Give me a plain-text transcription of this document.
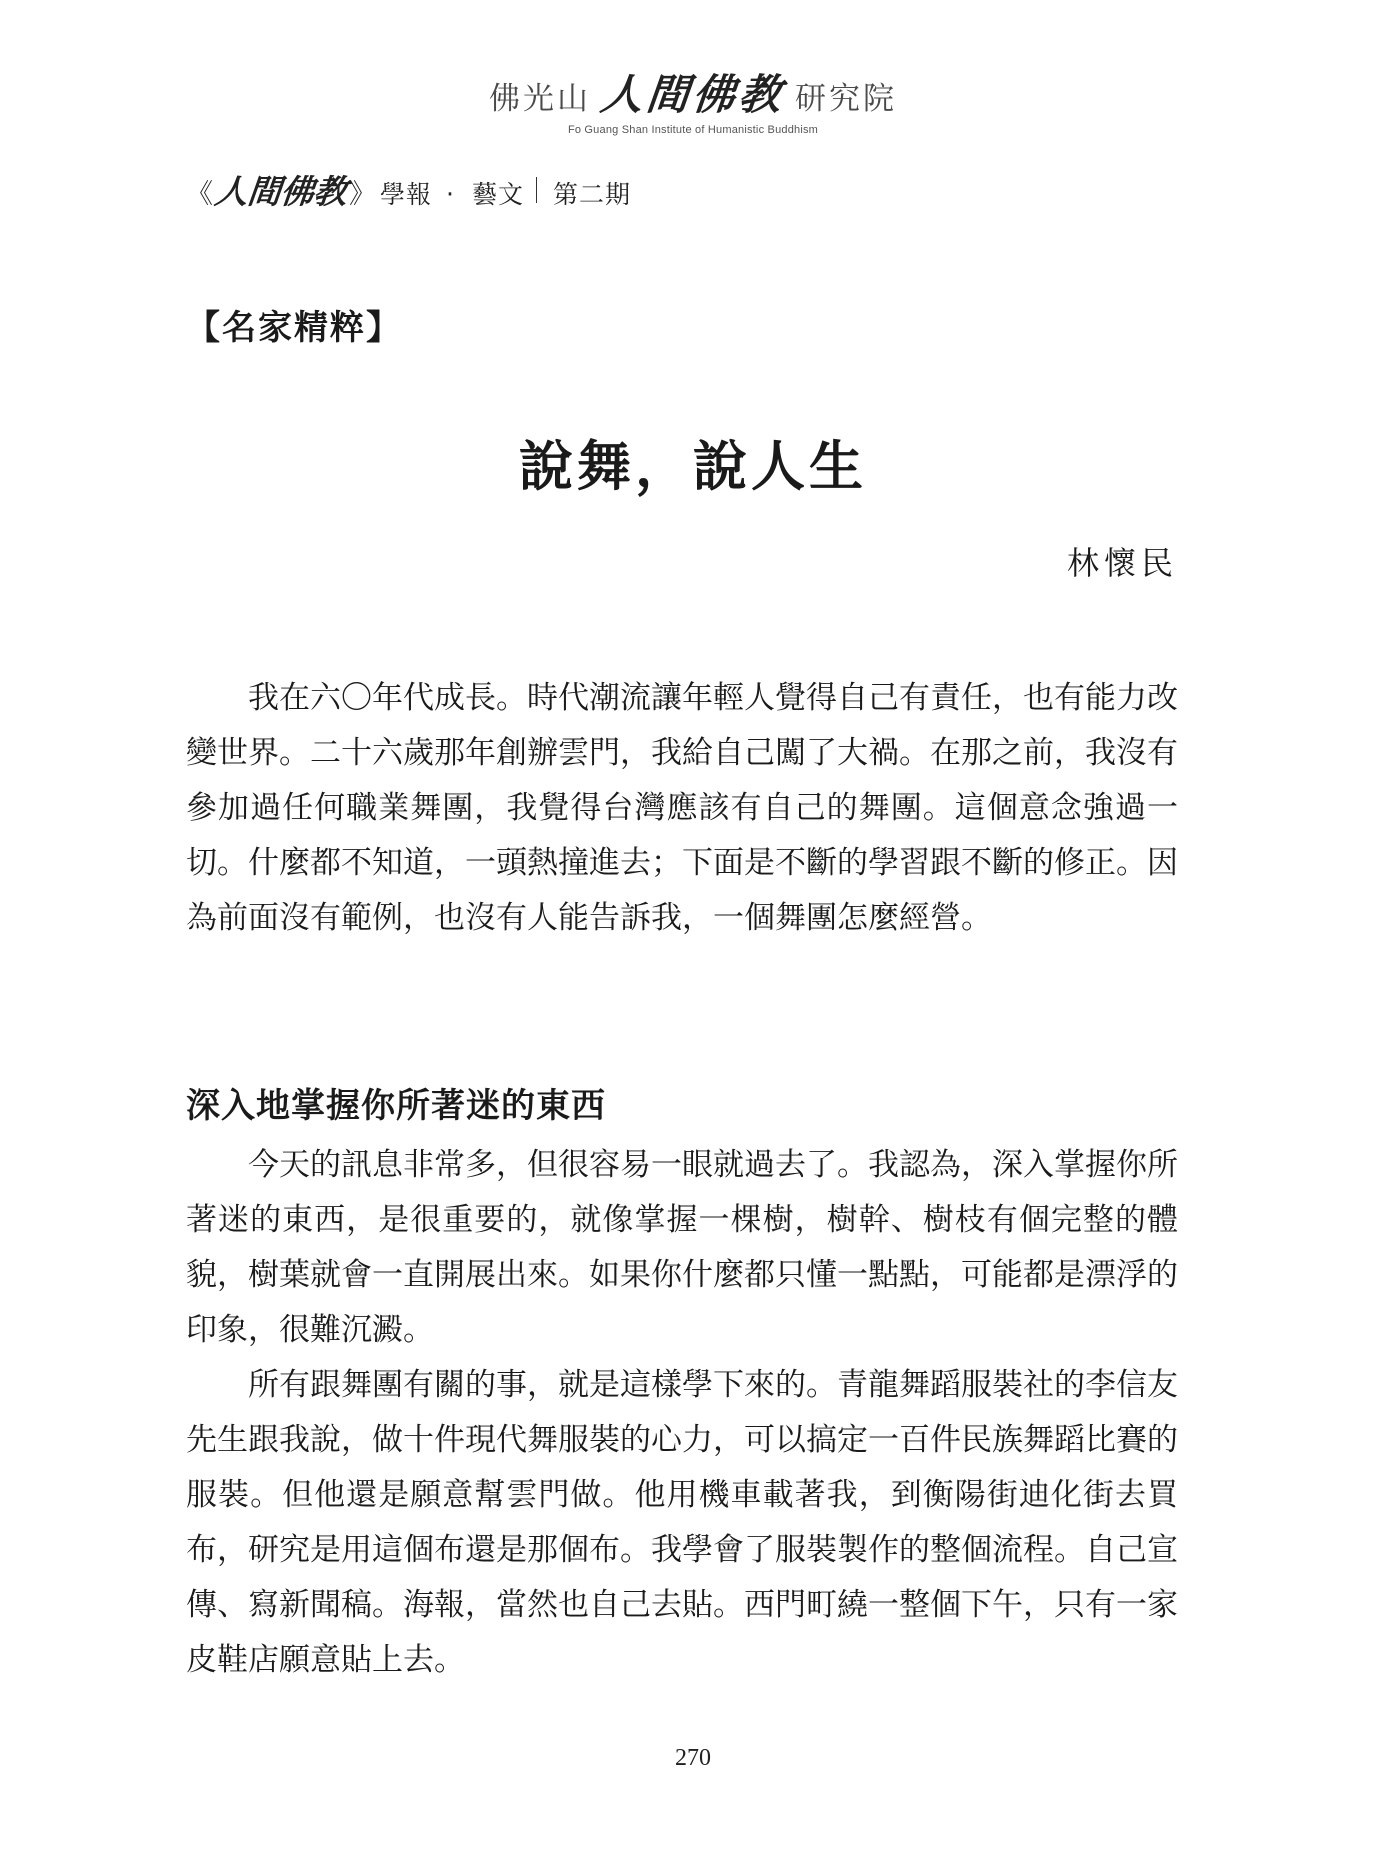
佛光山 人間佛教 研究院
Fo Guang Shan Institute of Humanistic Buddhism
《 人間佛教 》 學報 ‧ 藝文 第二期
【名家精粹】
說舞，說人生
林懷民

我在六〇年代成長。時代潮流讓年輕人覺得自己有責任，也有能力改變世界。二十六歲那年創辦雲門，我給自己闖了大禍。在那之前，我沒有參加過任何職業舞團，我覺得台灣應該有自己的舞團。這個意念強過一切。什麼都不知道，一頭熱撞進去；下面是不斷的學習跟不斷的修正。因為前面沒有範例，也沒有人能告訴我，一個舞團怎麼經營。

深入地掌握你所著迷的東西

今天的訊息非常多，但很容易一眼就過去了。我認為，深入掌握你所著迷的東西，是很重要的，就像掌握一棵樹，樹幹、樹枝有個完整的體貌，樹葉就會一直開展出來。如果你什麼都只懂一點點，可能都是漂浮的印象，很難沉澱。

所有跟舞團有關的事，就是這樣學下來的。青龍舞蹈服裝社的李信友先生跟我說，做十件現代舞服裝的心力，可以搞定一百件民族舞蹈比賽的服裝。但他還是願意幫雲門做。他用機車載著我，到衡陽街迪化街去買布，研究是用這個布還是那個布。我學會了服裝製作的整個流程。自己宣傳、寫新聞稿。海報，當然也自己去貼。西門町繞一整個下午，只有一家皮鞋店願意貼上去。

270
